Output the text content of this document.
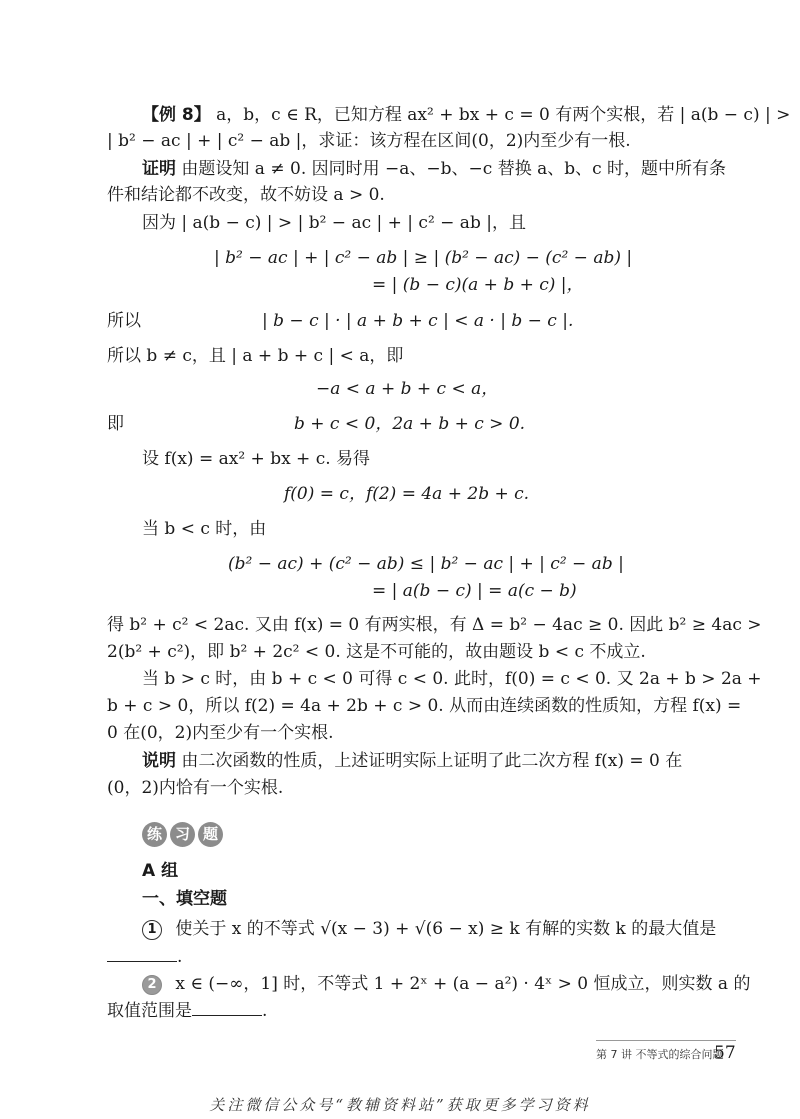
【例 8】 a，b，c ∈ R，已知方程 ax² + bx + c = 0 有两个实根，若 | a(b − c) | >
| b² − ac | + | c² − ab |，求证：该方程在区间(0，2)内至少有一根.
证明 由题设知 a ≠ 0. 因同时用 −a、−b、−c 替换 a、b、c 时，题中所有条
件和结论都不改变，故不妨设 a > 0.
因为 | a(b − c) | > | b² − ac | + | c² − ab |，且
| b² − ac | + | c² − ab | ≥ | (b² − ac) − (c² − ab) |
= | (b − c)(a + b + c) |，
所以	| b − c | · | a + b + c | < a · | b − c |.
所以 b ≠ c，且 | a + b + c | < a，即
−a < a + b + c < a，
即	b + c < 0，2a + b + c > 0.
设 f(x) = ax² + bx + c. 易得
f(0) = c，f(2) = 4a + 2b + c.
当 b < c 时，由
(b² − ac) + (c² − ab) ≤ | b² − ac | + | c² − ab |
= | a(b − c) | = a(c − b)
得 b² + c² < 2ac. 又由 f(x) = 0 有两实根，有 Δ = b² − 4ac ≥ 0. 因此 b² ≥ 4ac >
2(b² + c²)，即 b² + 2c² < 0. 这是不可能的，故由题设 b < c 不成立.
当 b > c 时，由 b + c < 0 可得 c < 0. 此时，f(0) = c < 0. 又 2a + b > 2a +
b + c > 0，所以 f(2) = 4a + 2b + c > 0. 从而由连续函数的性质知，方程 f(x) =
0 在(0，2)内至少有一个实根.
说明 由二次函数的性质，上述证明实际上证明了此二次方程 f(x) = 0 在
(0，2)内恰有一个实根.
练 习 题
A 组
一、填空题
1 使关于 x 的不等式 √(x − 3) + √(6 − x) ≥ k 有解的实数 k 的最大值是
.
2 x ∈ (−∞，1] 时，不等式 1 + 2ˣ + (a − a²) · 4ˣ > 0 恒成立，则实数 a 的
取值范围是	.
第 7 讲 不等式的综合问题
57
关注微信公众号“教辅资料站”获取更多学习资料
